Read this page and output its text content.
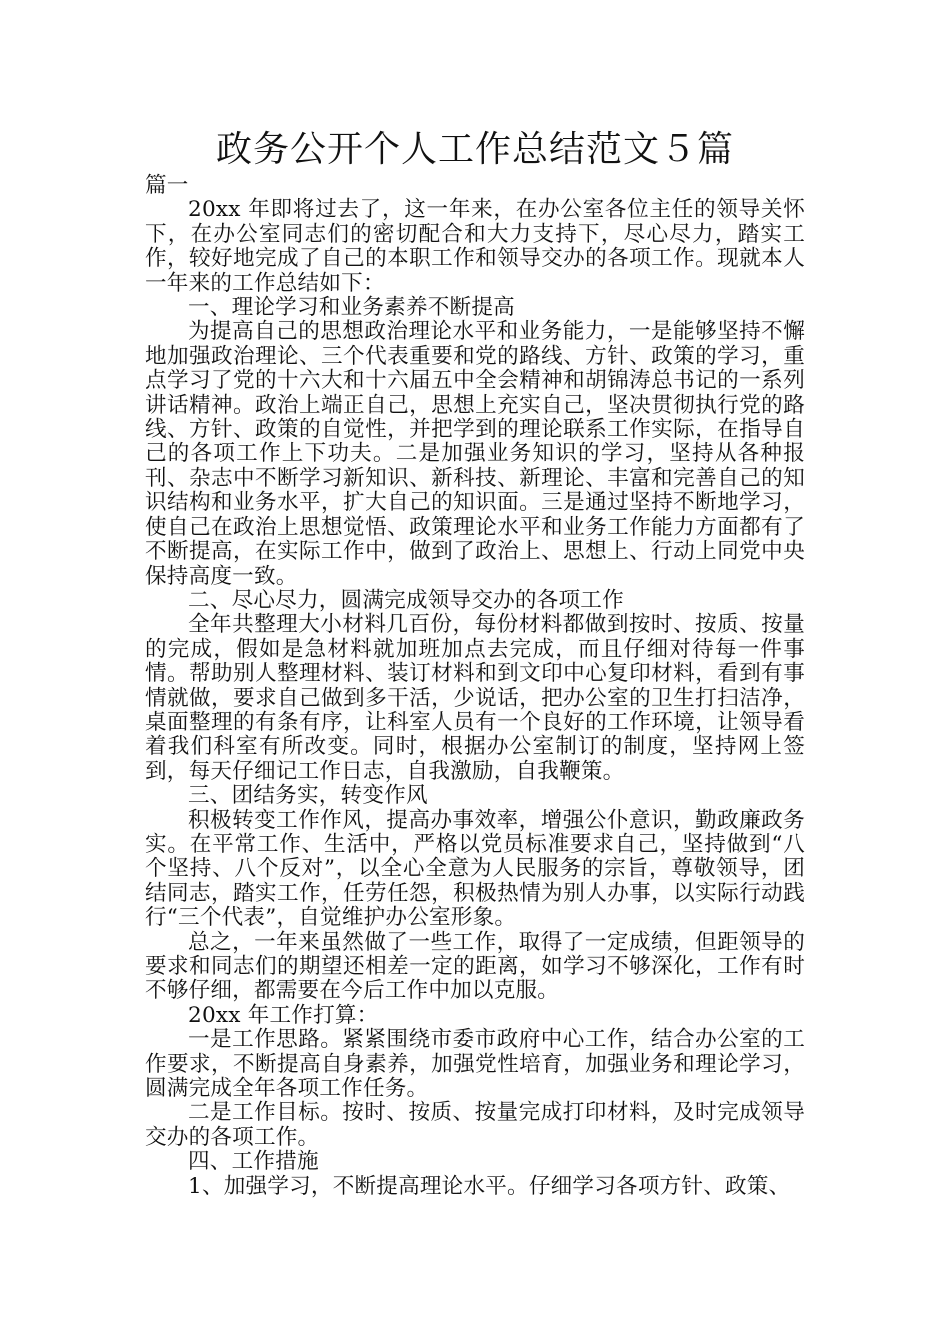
政务公开个人工作总结范文５篇

篇一

20xx 年即将过去了，这一年来，在办公室各位主任的领导关怀下，在办公室同志们的密切配合和大力支持下，尽心尽力，踏实工作，较好地完成了自己的本职工作和领导交办的各项工作。现就本人一年来的工作总结如下：

一、理论学习和业务素养不断提高

为提高自己的思想政治理论水平和业务能力，一是能够坚持不懈地加强政治理论、三个代表重要和党的路线、方针、政策的学习，重点学习了党的十六大和十六届五中全会精神和胡锦涛总书记的一系列讲话精神。政治上端正自己，思想上充实自己，坚决贯彻执行党的路线、方针、政策的自觉性，并把学到的理论联系工作实际，在指导自己的各项工作上下功夫。二是加强业务知识的学习，坚持从各种报刊、杂志中不断学习新知识、新科技、新理论、丰富和完善自己的知识结构和业务水平，扩大自己的知识面。三是通过坚持不断地学习，使自己在政治上思想觉悟、政策理论水平和业务工作能力方面都有了不断提高，在实际工作中，做到了政治上、思想上、行动上同党中央保持高度一致。

二、尽心尽力，圆满完成领导交办的各项工作

全年共整理大小材料几百份，每份材料都做到按时、按质、按量的完成，假如是急材料就加班加点去完成，而且仔细对待每一件事情。帮助别人整理材料、装订材料和到文印中心复印材料，看到有事情就做，要求自己做到多干活，少说话，把办公室的卫生打扫洁净，桌面整理的有条有序，让科室人员有一个良好的工作环境，让领导看着我们科室有所改变。同时，根据办公室制订的制度，坚持网上签到，每天仔细记工作日志，自我激励，自我鞭策。

三、团结务实，转变作风

积极转变工作作风，提高办事效率，增强公仆意识，勤政廉政务实。在平常工作、生活中，严格以党员标准要求自己，坚持做到“八个坚持、八个反对”，以全心全意为人民服务的宗旨，尊敬领导，团结同志，踏实工作，任劳任怨，积极热情为别人办事，以实际行动践行“三个代表”，自觉维护办公室形象。

总之，一年来虽然做了一些工作，取得了一定成绩，但距领导的要求和同志们的期望还相差一定的距离，如学习不够深化，工作有时不够仔细，都需要在今后工作中加以克服。

20xx 年工作打算：

一是工作思路。紧紧围绕市委市政府中心工作，结合办公室的工作要求，不断提高自身素养，加强党性培育，加强业务和理论学习，圆满完成全年各项工作任务。

二是工作目标。按时、按质、按量完成打印材料，及时完成领导交办的各项工作。

四、工作措施

1、加强学习，不断提高理论水平。仔细学习各项方针、政策、
